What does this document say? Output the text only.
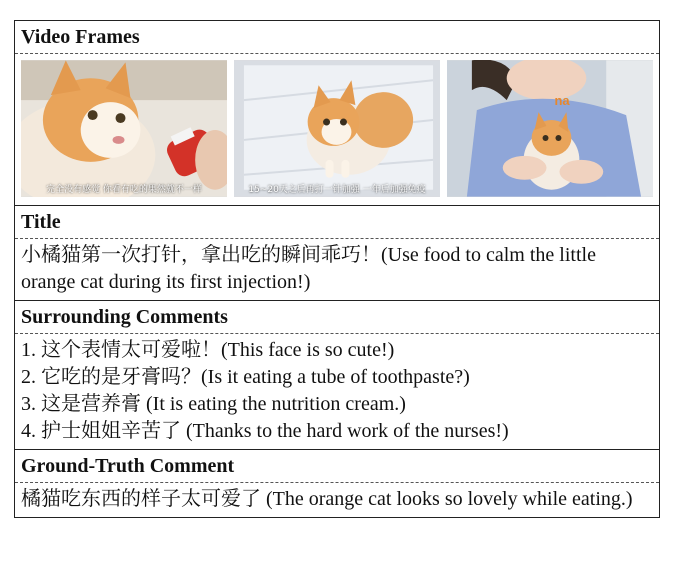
Video Frames
完全没有感觉 你看有吃的果然就不一样	15~20天之后再打一针加强 一年后加强免疫
na
Title
小橘猫第一次打针，拿出吃的瞬间乖巧！(Use food to calm the little orange cat during its first injection!)
Surrounding Comments
1. 这个表情太可爱啦！(This face is so cute!)
2. 它吃的是牙膏吗？(Is it eating a tube of toothpaste?)
3. 这是营养膏 (It is eating the nutrition cream.)
4. 护士姐姐辛苦了 (Thanks to the hard work of the nurses!)
Ground-Truth Comment
橘猫吃东西的样子太可爱了 (The orange cat looks so lovely while eating.)
